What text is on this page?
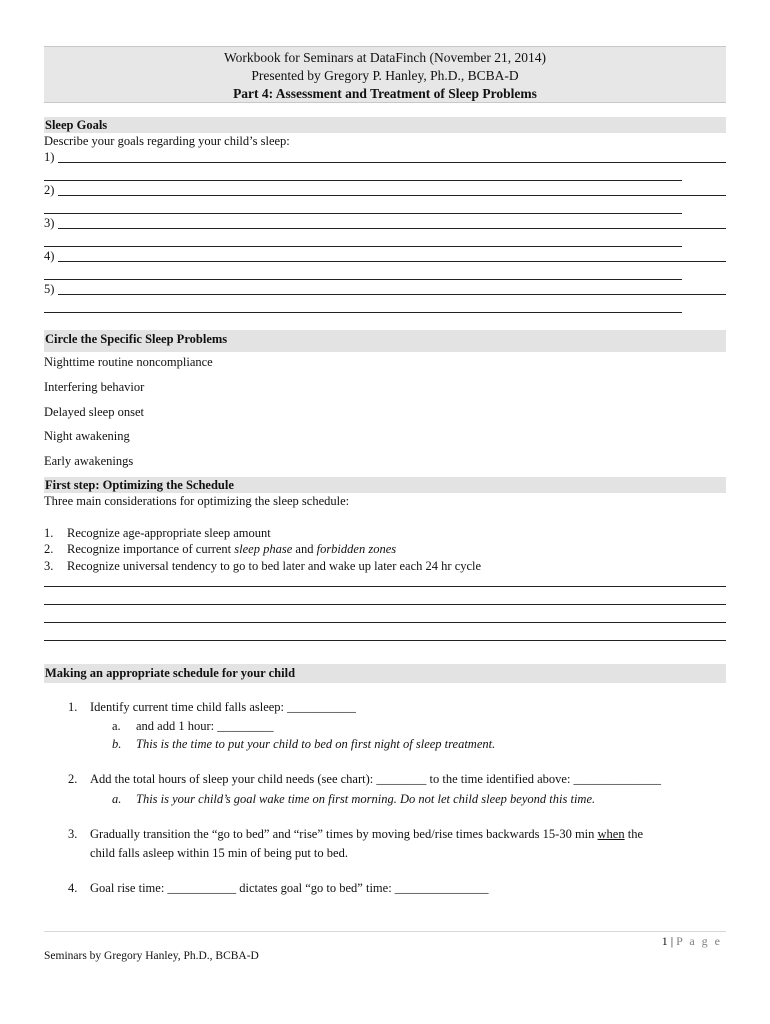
Workbook for Seminars at DataFinch (November 21, 2014)
Presented by Gregory P. Hanley, Ph.D., BCBA-D
Part 4: Assessment and Treatment of Sleep Problems
Sleep Goals
Describe your goals regarding your child’s sleep:
1)
2)
3)
4)
5)
Circle the Specific Sleep Problems
Nighttime routine noncompliance
Interfering behavior
Delayed sleep onset
Night awakening
Early awakenings
First step: Optimizing the Schedule
Three main considerations for optimizing the sleep schedule:
1. Recognize age-appropriate sleep amount
2. Recognize importance of current sleep phase and forbidden zones
3. Recognize universal tendency to go to bed later and wake up later each 24 hr cycle
Making an appropriate schedule for your child
1. Identify current time child falls asleep: ___________
a. and add 1 hour: _________
b. This is the time to put your child to bed on first night of sleep treatment.
2. Add the total hours of sleep your child needs (see chart): ________ to the time identified above: ______________
a. This is your child’s goal wake time on first morning. Do not let child sleep beyond this time.
3. Gradually transition the “go to bed” and “rise” times by moving bed/rise times backwards 15-30 min when the
child falls asleep within 15 min of being put to bed.
4. Goal rise time: ___________ dictates goal “go to bed” time: _______________
1 | P a g e
Seminars by Gregory Hanley, Ph.D., BCBA-D
